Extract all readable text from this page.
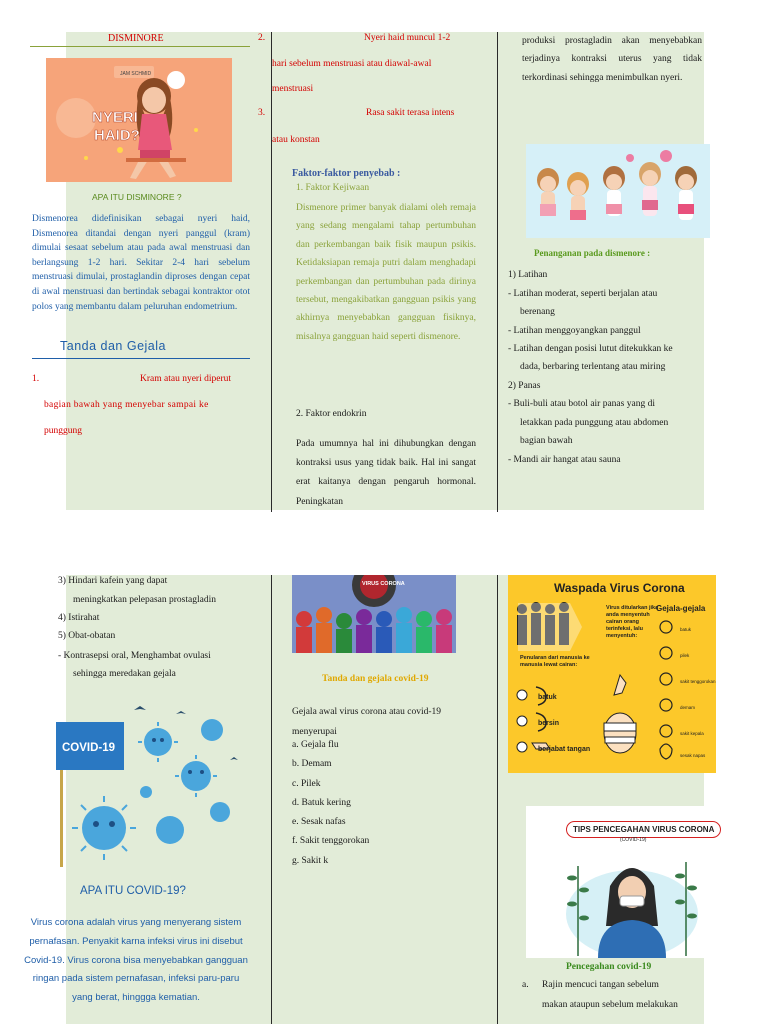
DISMINORE
JAM SCHMID
NYERI
HAID?
APA ITU DISMINORE ?
Dismenorea didefinisikan sebagai nyeri haid, Dismenorea ditandai dengan nyeri panggul (kram) dimulai sesaat sebelum atau pada awal menstruasi dan berlangsung 1-2 hari. Sekitar 2-4 hari sebelum menstruasi dimulai, prostaglandin diproses dengan cepat di awal menstruasi dan bertindak sebagai kontraktor otot polos yang membantu dalam peluruhan endometrium.
Tanda dan Gejala
1.	Kram atau nyeri diperut
bagian bawah yang menyebar sampai ke
punggung
2.	Nyeri haid muncul 1-2
hari sebelum menstruasi atau diawal-awal
menstruasi
3.	Rasa sakit terasa intens
atau konstan
Faktor-faktor penyebab :
1. Faktor Kejiwaan
Dismenore primer banyak dialami oleh remaja yang sedang mengalami tahap pertumbuhan dan perkembangan baik fisik maupun psikis. Ketidaksiapan remaja putri dalam menghadapi perkembangan dan pertumbuhan pada dirinya tersebut, mengakibatkan gangguan psikis yang akhirnya menyebabkan gangguan fisiknya, misalnya gangguan haid seperti dismenore.
2. Faktor endokrin
Pada umumnya hal ini dihubungkan dengan kontraksi usus yang tidak baik. Hal ini sangat erat kaitanya dengan pengaruh hormonal. Peningkatan
produksi prostagladin akan menyebabkan terjadinya kontraksi uterus yang tidak terkordinasi sehingga menimbulkan nyeri.
Penanganan pada dismenore :
1) Latihan
- Latihan moderat, seperti berjalan atau
berenang
- Latihan menggoyangkan panggul
- Latihan dengan posisi lutut ditekukkan ke
dada, berbaring terlentang atau miring
2) Panas
- Buli-buli atau botol air panas yang di
letakkan pada punggung atau abdomen
bagian bawah
- Mandi air hangat atau sauna
3) Hindari kafein yang dapat
meningkatkan pelepasan prostagladin
4) Istirahat
5) Obat-obatan
- Kontrasepsi oral, Menghambat ovulasi
sehingga meredakan gejala
COVID-19
APA ITU COVID-19?
Virus corona adalah virus yang menyerang sistem pernafasan. Penyakit karna infeksi virus ini disebut Covid-19. Virus corona bisa menyebabkan gangguan ringan pada sistem pernafasan, infeksi paru-paru yang berat, hinggga kematian.
VIRUS CORONA
Tanda dan gejala covid-19
Gejala awal virus corona atau covid-19 menyerupai
a. Gejala flu
b. Demam
c. Pilek
d. Batuk kering
e. Sesak nafas
f. Sakit tenggorokan
g. Sakit k
Waspada Virus Corona
Penularan dari manusia ke
manusia lewat cairan:
batuk
bersin
berjabat tangan
Gejala-gejala
batuk
pilek
sakit tenggorokan
demam
sakit kepala
sesak napas
Virus ditularkan jika
anda menyentuh
cairan orang
terinfeksi, lalu
menyentuh:
TIPS PENCEGAHAN VIRUS CORONA
(COVID-19)
Pencegahan covid-19
a. Rajin mencuci tangan sebelum
makan ataupun sebelum melakukan
